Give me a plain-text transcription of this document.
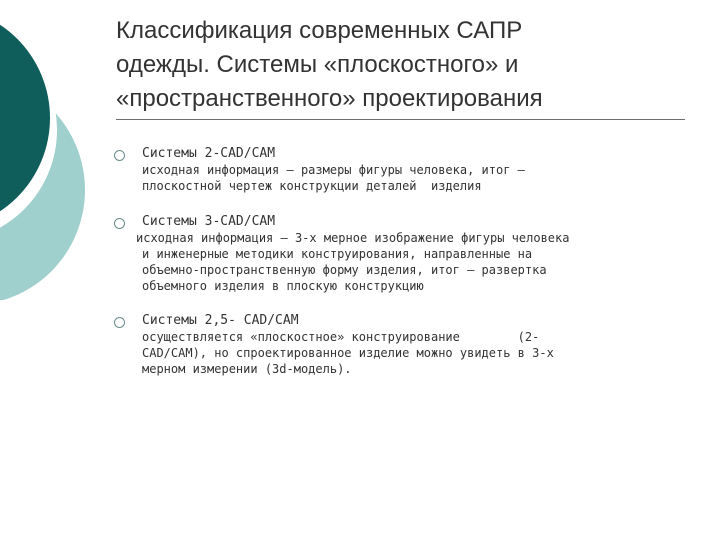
Классификация современных САПР
одежды. Системы «плоскостного» и
«пространственного» проектирования
Системы 2-CAD/CAM
исходная информация – размеры фигуры человека, итог –
плоскостной чертеж конструкции деталей  изделия
Системы 3-CAD/CAM
исходная информация – 3-х мерное изображение фигуры человека
и инженерные методики конструирования, направленные на
объемно-пространственную форму изделия, итог – развертка
объемного изделия в плоскую конструкцию
Системы 2,5- CAD/CAM
осуществляется «плоскостное» конструирование        (2-
CAD/CAM), но спроектированное изделие можно увидеть в 3-х
мерном измерении (3d-модель).
